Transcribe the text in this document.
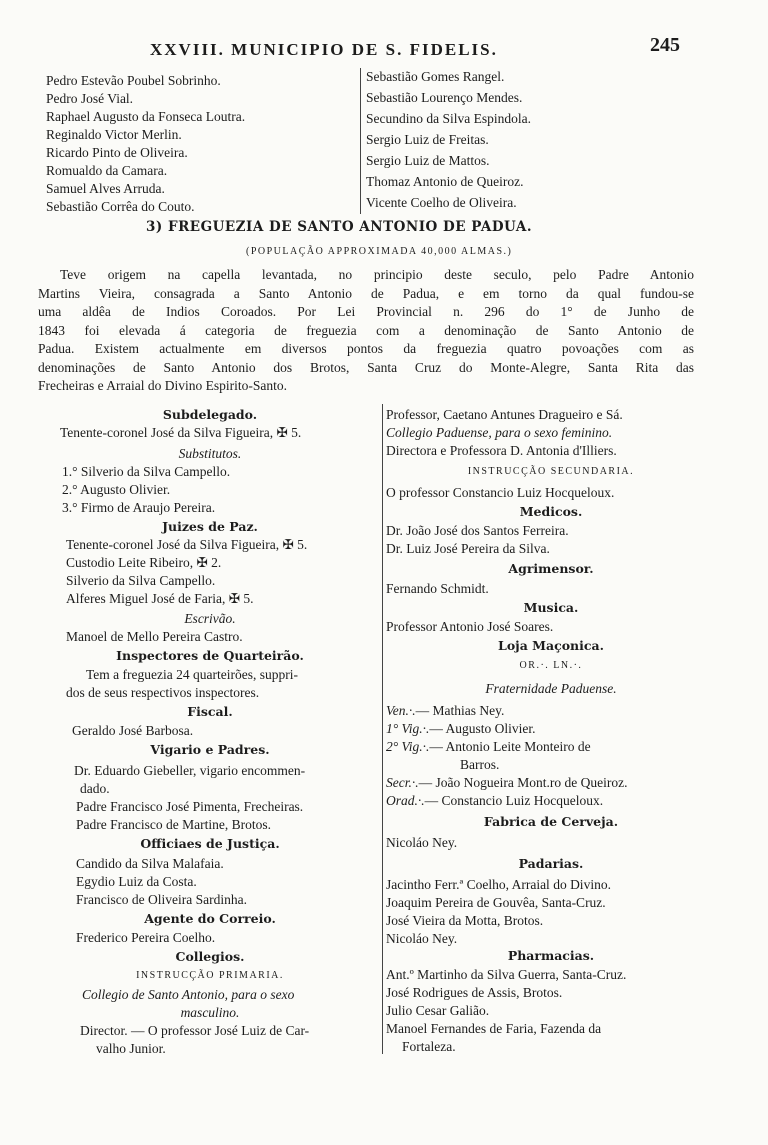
XXVIII. MUNICIPIO DE S. FIDELIS.	245
Pedro Estevão Poubel Sobrinho.
Pedro José Vial.
Raphael Augusto da Fonseca Loutra.
Reginaldo Victor Merlin.
Ricardo Pinto de Oliveira.
Romualdo da Camara.
Samuel Alves Arruda.
Sebastião Corrêa do Couto.
Sebastião Gomes Rangel.
Sebastião Lourenço Mendes.
Secundino da Silva Espindola.
Sergio Luiz de Freitas.
Sergio Luiz de Mattos.
Thomaz Antonio de Queiroz.
Vicente Coelho de Oliveira.
3) FREGUEZIA DE SANTO ANTONIO DE PADUA.
(POPULAÇÃO APPROXIMADA 40,000 ALMAS.)
Teve origem na capella levantada, no principio deste seculo, pelo Padre Antonio
Martins Vieira, consagrada a Santo Antonio de Padua, e em torno da qual fundou-se
uma aldêa de Indios Coroados. Por Lei Provincial n. 296 do 1° de Junho de
1843 foi elevada á categoria de freguezia com a denominação de Santo Antonio de
Padua. Existem actualmente em diversos pontos da freguezia quatro povoações com as
denominações de Santo Antonio dos Brotos, Santa Cruz do Monte-Alegre, Santa Rita das
Frecheiras e Arraial do Divino Espirito-Santo.
Subdelegado.
Tenente-coronel José da Silva Figueira, ✠ 5.
Substitutos.
1.° Silverio da Silva Campello.
2.° Augusto Olivier.
3.° Firmo de Araujo Pereira.
Juizes de Paz.
Tenente-coronel José da Silva Figueira, ✠ 5.
Custodio Leite Ribeiro, ✠ 2.
Silverio da Silva Campello.
Alferes Miguel José de Faria, ✠ 5.
Escrivão.
Manoel de Mello Pereira Castro.
Inspectores de Quarteirão.
Tem a freguezia 24 quarteirões, suppri-
dos de seus respectivos inspectores.
Fiscal.
Geraldo José Barbosa.
Vigario e Padres.
Dr. Eduardo Giebeller, vigario encommen-
dado.
Padre Francisco José Pimenta, Frecheiras.
Padre Francisco de Martine, Brotos.
Officiaes de Justiça.
Candido da Silva Malafaia.
Egydio Luiz da Costa.
Francisco de Oliveira Sardinha.
Agente do Correio.
Frederico Pereira Coelho.
Collegios.
INSTRUCÇÃO PRIMARIA.
Collegio de Santo Antonio, para o sexo
masculino.
Director. — O professor José Luiz de Car-
valho Junior.
Professor, Caetano Antunes Dragueiro e Sá.
Collegio Paduense, para o sexo feminino.
Directora e Professora D. Antonia d'Illiers.
INSTRUCÇÃO SECUNDARIA.
O professor Constancio Luiz Hocqueloux.
Medicos.
Dr. João José dos Santos Ferreira.
Dr. Luiz José Pereira da Silva.
Agrimensor.
Fernando Schmidt.
Musica.
Professor Antonio José Soares.
Loja Maçonica.
OR.·. LN.·.
Fraternidade Paduense.
Ven.·.— Mathias Ney.
1° Vig.·.— Augusto Olivier.
2° Vig.·.— Antonio Leite Monteiro de
Barros.
Secr.·.— João Nogueira Mont.ro de Queiroz.
Orad.·.— Constancio Luiz Hocqueloux.
Fabrica de Cerveja.
Nicoláo Ney.
Padarias.
Jacintho Ferr.ª Coelho, Arraial do Divino.
Joaquim Pereira de Gouvêa, Santa-Cruz.
José Vieira da Motta, Brotos.
Nicoláo Ney.
Pharmacias.
Ant.º Martinho da Silva Guerra, Santa-Cruz.
José Rodrigues de Assis, Brotos.
Julio Cesar Galião.
Manoel Fernandes de Faria, Fazenda da
Fortaleza.
